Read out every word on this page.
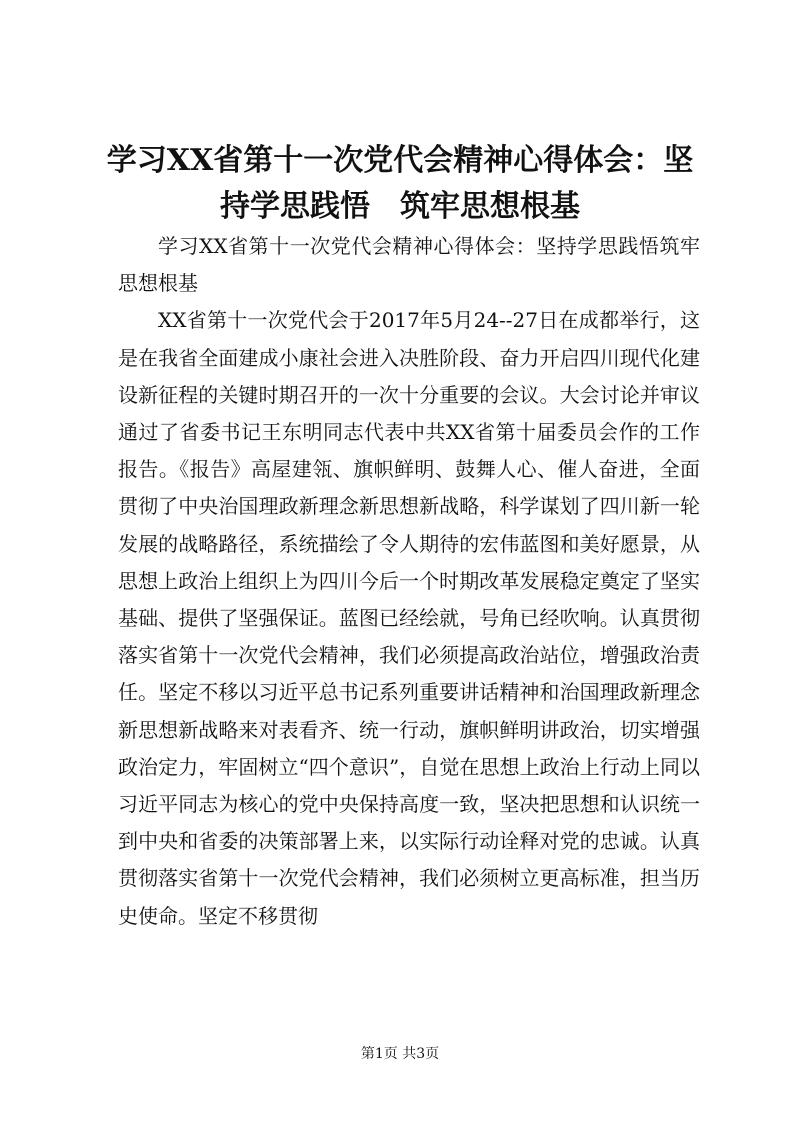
学习XX省第十一次党代会精神心得体会：坚持学思践悟　筑牢思想根基

学习XX省第十一次党代会精神心得体会：坚持学思践悟筑牢思想根基

XX省第十一次党代会于2017年5月24--27日在成都举行，这是在我省全面建成小康社会进入决胜阶段、奋力开启四川现代化建设新征程的关键时期召开的一次十分重要的会议。大会讨论并审议通过了省委书记王东明同志代表中共XX省第十届委员会作的工作报告。《报告》高屋建瓴、旗帜鲜明、鼓舞人心、催人奋进，全面贯彻了中央治国理政新理念新思想新战略，科学谋划了四川新一轮发展的战略路径，系统描绘了令人期待的宏伟蓝图和美好愿景，从思想上政治上组织上为四川今后一个时期改革发展稳定奠定了坚实基础、提供了坚强保证。蓝图已经绘就，号角已经吹响。认真贯彻落实省第十一次党代会精神，我们必须提高政治站位，增强政治责任。坚定不移以习近平总书记系列重要讲话精神和治国理政新理念新思想新战略来对表看齐、统一行动，旗帜鲜明讲政治，切实增强政治定力，牢固树立“四个意识”，自觉在思想上政治上行动上同以习近平同志为核心的党中央保持高度一致，坚决把思想和认识统一到中央和省委的决策部署上来，以实际行动诠释对党的忠诚。认真贯彻落实省第十一次党代会精神，我们必须树立更高标准，担当历史使命。坚定不移贯彻

第1页 共3页
